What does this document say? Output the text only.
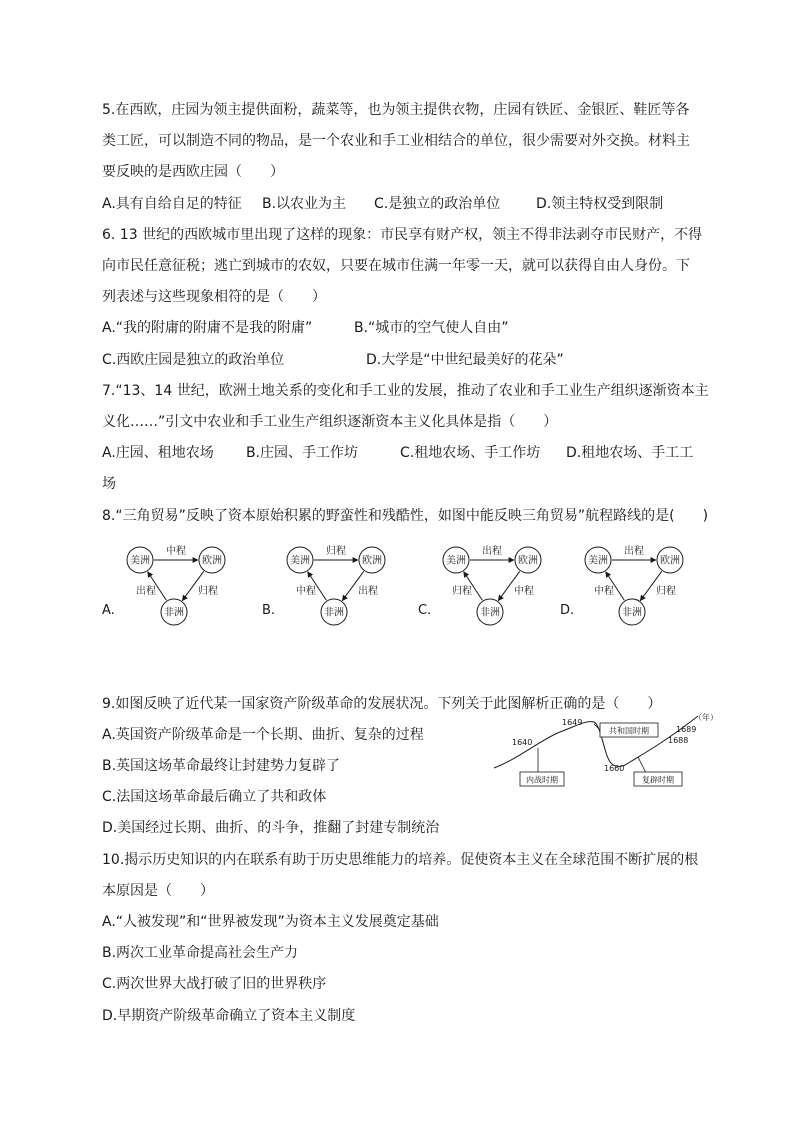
5.在西欧，庄园为领主提供面粉，蔬菜等，也为领主提供衣物，庄园有铁匠、金银匠、鞋匠等各
类工匠，可以制造不同的物品，是一个农业和手工业相结合的单位，很少需要对外交换。材料主
要反映的是西欧庄园（　　）
A.具有自给自足的特征 B.以农业为主 C.是独立的政治单位	D.领主特权受到限制
6. 13 世纪的西欧城市里出现了这样的现象：市民享有财产权，领主不得非法剥夺市民财产，不得
向市民任意征税；逃亡到城市的农奴，只要在城市住满一年零一天，就可以获得自由人身份。下
列表述与这些现象相符的是（　　）
A.“我的附庸的附庸不是我的附庸”	B.“城市的空气使人自由”
C.西欧庄园是独立的政治单位	D.大学是“中世纪最美好的花朵”
7.“13、14 世纪，欧洲土地关系的变化和手工业的发展，推动了农业和手工业生产组织逐渐资本主
义化……”引文中农业和手工业生产组织逐渐资本主义化具体是指（　　）
A.庄园、租地农场 B.庄园、手工作坊	C.租地农场、手工作坊 D.租地农场、手工工
场
8.“三角贸易”反映了资本原始积累的野蛮性和残酷性，如图中能反映三角贸易”航程路线的是(　　)
A.
中程
出程	归程
美洲	欧洲
非洲	B.
归程
中程	出程
美洲	欧洲
非洲	C.
出程
归程	中程
美洲	欧洲
非洲	D.
出程
中程	归程
美洲	欧洲
非洲
9.如图反映了近代某一国家资产阶级革命的发展状况。下列关于此图解析正确的是（　　）
A.英国资产阶级革命是一个长期、曲折、复杂的过程
B.英国这场革命最终让封建势力复辟了
C.法国这场革命最后确立了共和政体
D.美国经过长期、曲折、的斗争，推翻了封建专制统治
1640
1649
1660
1688
1689
（年）
共和国时期
内战时期	复辟时期
10.揭示历史知识的内在联系有助于历史思维能力的培养。促使资本主义在全球范围不断扩展的根
本原因是（　　）
A.“人被发现”和“世界被发现”为资本主义发展奠定基础
B.两次工业革命提高社会生产力
C.两次世界大战打破了旧的世界秩序
D.早期资产阶级革命确立了资本主义制度
